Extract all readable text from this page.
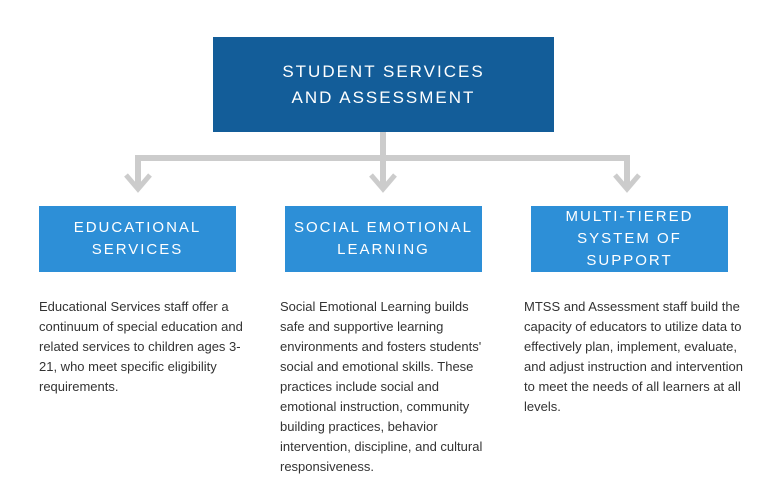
STUDENT SERVICES
AND ASSESSMENT
EDUCATIONAL
SERVICES
SOCIAL EMOTIONAL
LEARNING
MULTI-TIERED
SYSTEM OF SUPPORT

Educational Services staff offer a continuum of special education and related services to children ages 3-21, who meet specific eligibility requirements.

Social Emotional Learning builds safe and supportive learning environments and fosters students' social and emotional skills. These practices include social and emotional instruction, community building practices, behavior intervention, discipline, and cultural responsiveness.

MTSS and Assessment staff build the capacity of educators to utilize data to effectively plan, implement, evaluate, and adjust instruction and intervention to meet the needs of all learners at all levels.
